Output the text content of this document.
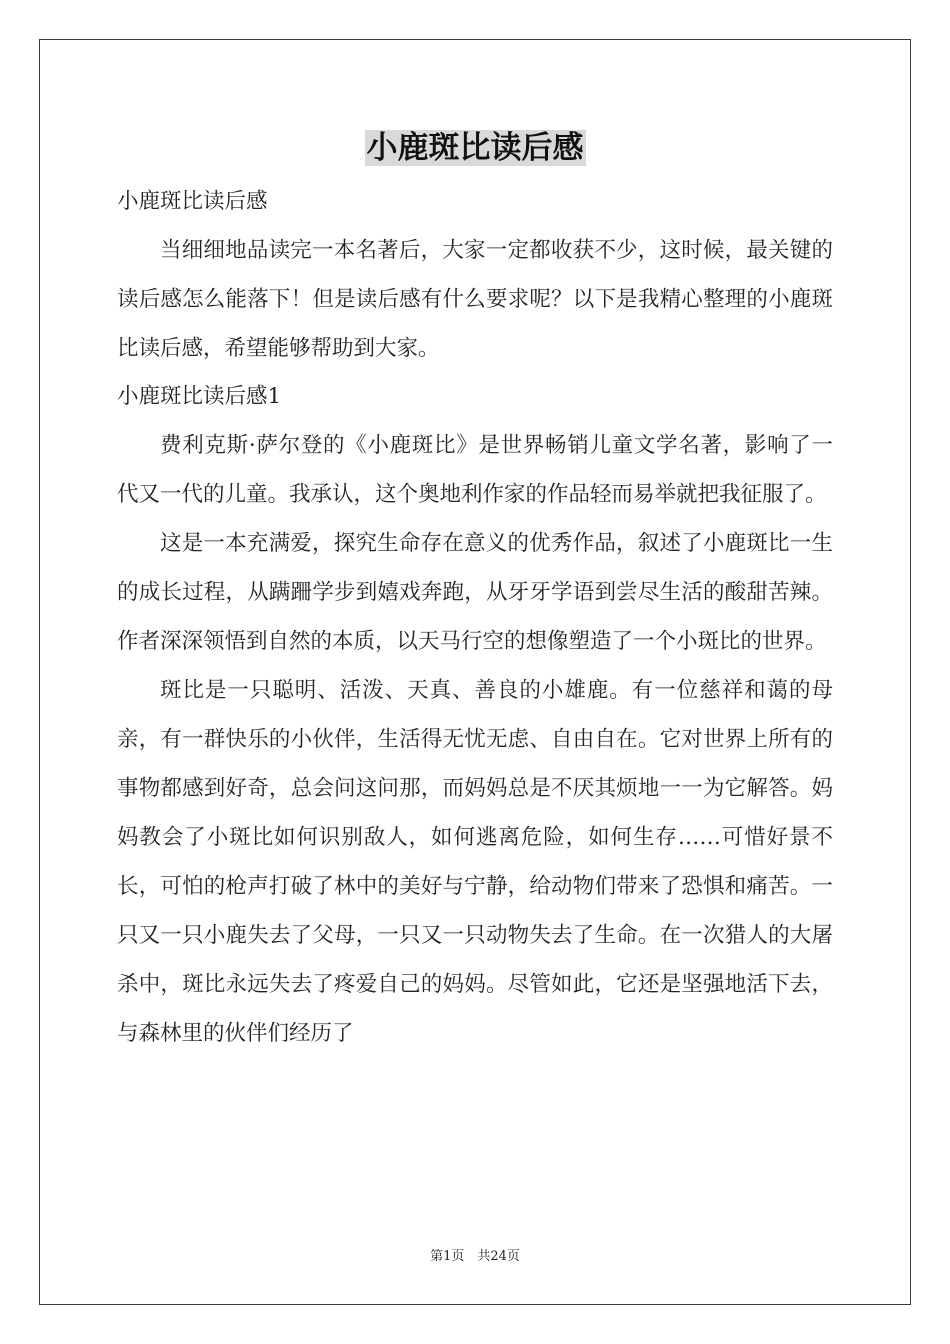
小鹿斑比读后感

小鹿斑比读后感

当细细地品读完一本名著后，大家一定都收获不少，这时候，最关键的读后感怎么能落下！但是读后感有什么要求呢？以下是我精心整理的小鹿斑比读后感，希望能够帮助到大家。

小鹿斑比读后感1

费利克斯·萨尔登的《小鹿斑比》是世界畅销儿童文学名著，影响了一代又一代的儿童。我承认，这个奥地利作家的作品轻而易举就把我征服了。

这是一本充满爱，探究生命存在意义的优秀作品，叙述了小鹿斑比一生的成长过程，从蹒跚学步到嬉戏奔跑，从牙牙学语到尝尽生活的酸甜苦辣。作者深深领悟到自然的本质，以天马行空的想像塑造了一个小斑比的世界。

斑比是一只聪明、活泼、天真、善良的小雄鹿。有一位慈祥和蔼的母亲，有一群快乐的小伙伴，生活得无忧无虑、自由自在。它对世界上所有的事物都感到好奇，总会问这问那，而妈妈总是不厌其烦地一一为它解答。妈妈教会了小斑比如何识别敌人，如何逃离危险，如何生存……可惜好景不长，可怕的枪声打破了林中的美好与宁静，给动物们带来了恐惧和痛苦。一只又一只小鹿失去了父母，一只又一只动物失去了生命。在一次猎人的大屠杀中，斑比永远失去了疼爱自己的妈妈。尽管如此，它还是坚强地活下去，与森林里的伙伴们经历了

第1页　共24页
